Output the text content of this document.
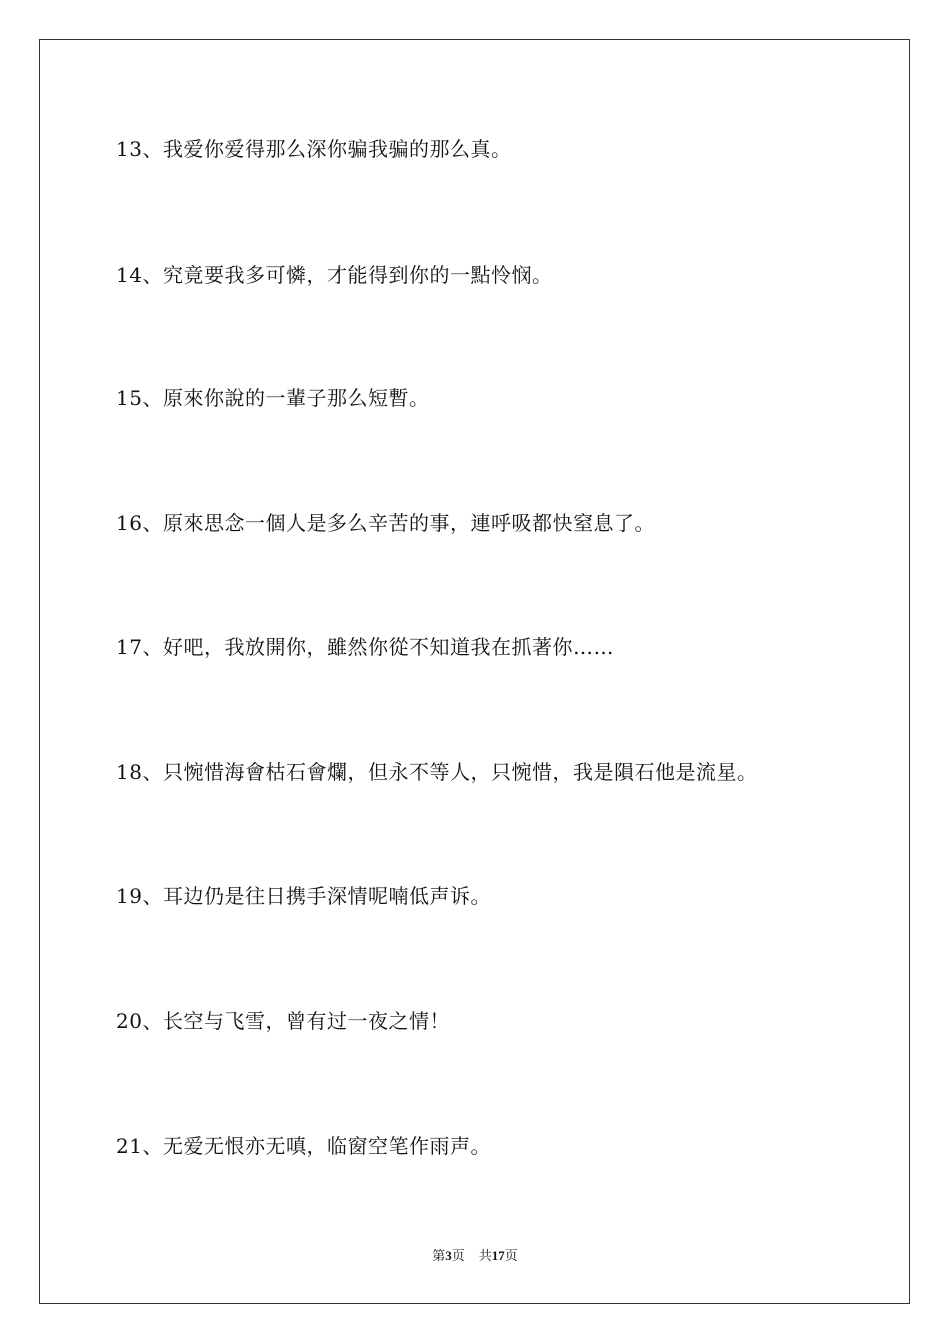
13、我爱你爱得那么深你骗我骗的那么真。
14、究竟要我多可憐，才能得到你的一點怜悯。
15、原來你說的一輩子那么短暫。
16、原來思念一個人是多么辛苦的事，連呼吸都快窒息了。
17、好吧，我放開你，雖然你從不知道我在抓著你……
18、只惋惜海會枯石會爛，但永不等人，只惋惜，我是隕石他是流星。
19、耳边仍是往日携手深情呢喃低声诉。
20、长空与飞雪，曾有过一夜之情！
21、无爱无恨亦无嗔，临窗空笔作雨声。
第3页 共17页
